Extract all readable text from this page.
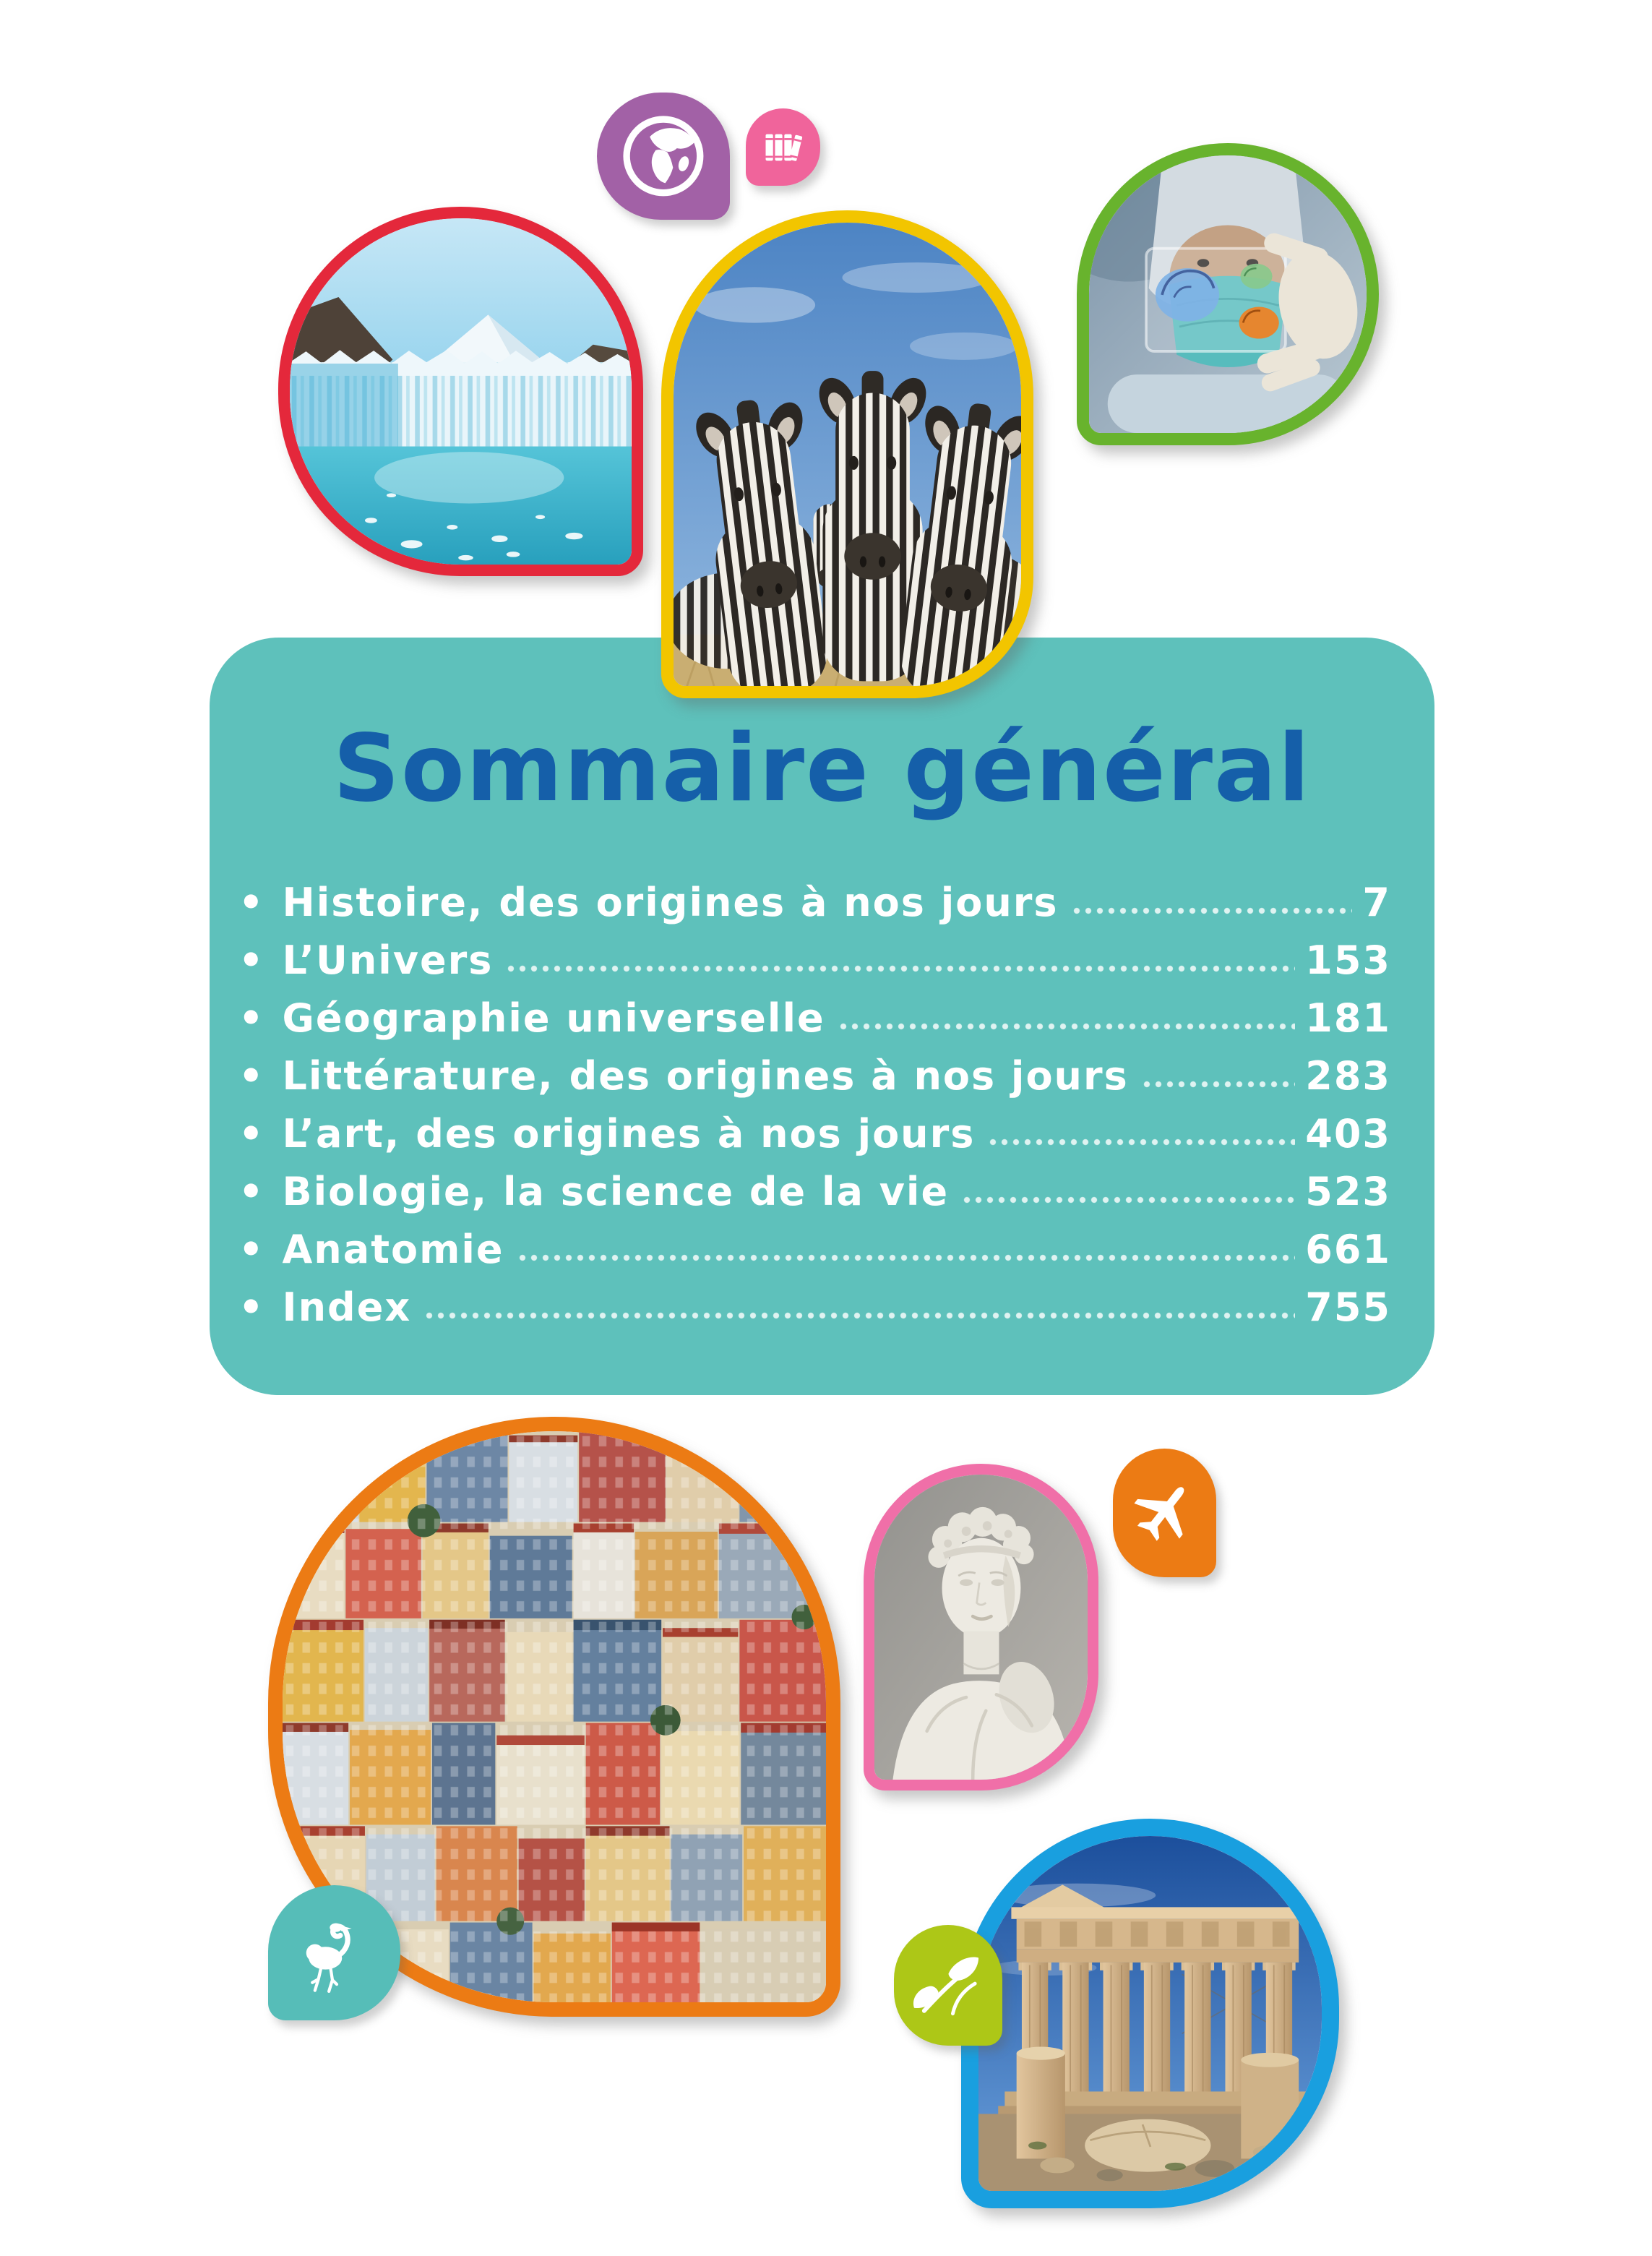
Sommaire général
• Histoire, des origines à nos jours	7
• L’Univers	153
• Géographie universelle	181
• Littérature, des origines à nos jours	283
• L’art, des origines à nos jours	403
• Biologie, la science de la vie	523
• Anatomie	661
• Index	755
